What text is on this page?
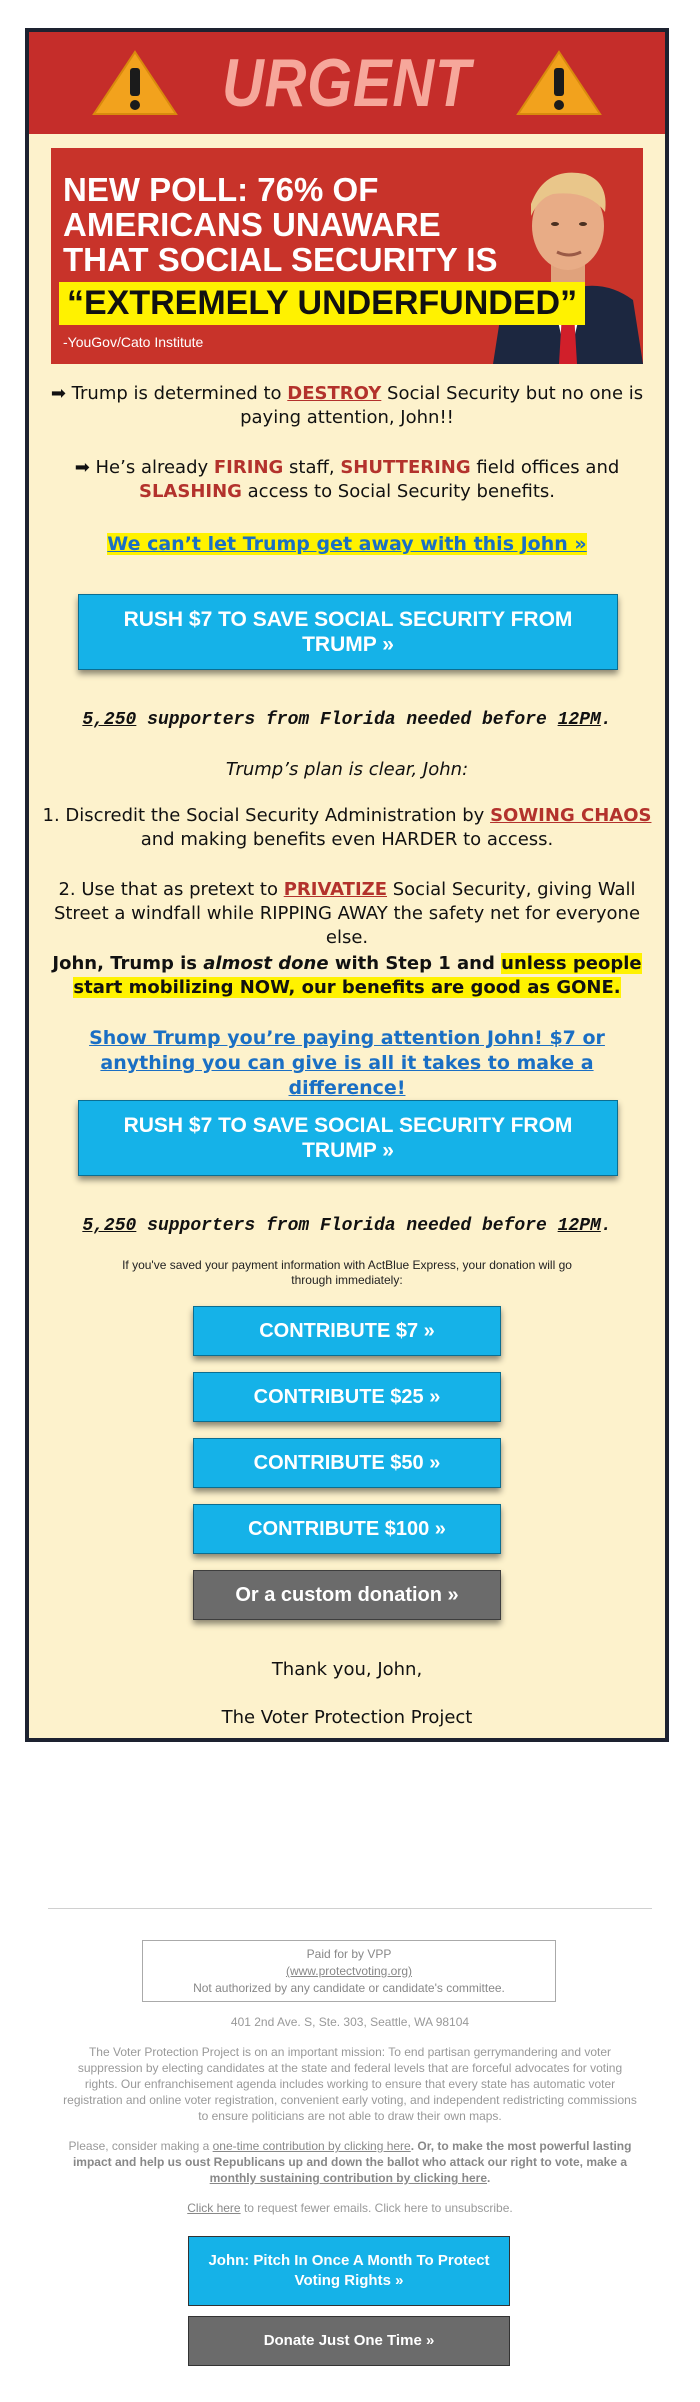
URGENT
NEW POLL: 76% OF AMERICANS UNAWARE THAT SOCIAL SECURITY IS
“EXTREMELY UNDERFUNDED”
-YouGov/Cato Institute
➡ Trump is determined to DESTROY Social Security but no one is paying attention, John!!
➡ He’s already FIRING staff, SHUTTERING field offices and SLASHING access to Social Security benefits.
We can’t let Trump get away with this John »
RUSH $7 TO SAVE SOCIAL SECURITY FROM TRUMP »
5,250 supporters from Florida needed before 12PM.
Trump’s plan is clear, John:
1. Discredit the Social Security Administration by SOWING CHAOS and making benefits even HARDER to access.
2. Use that as pretext to PRIVATIZE Social Security, giving Wall Street a windfall while RIPPING AWAY the safety net for everyone else.
John, Trump is almost done with Step 1 and unless people start mobilizing NOW, our benefits are good as GONE.
Show Trump you’re paying attention John! $7 or anything you can give is all it takes to make a difference!
RUSH $7 TO SAVE SOCIAL SECURITY FROM TRUMP »
5,250 supporters from Florida needed before 12PM.
If you've saved your payment information with ActBlue Express, your donation will go through immediately:
CONTRIBUTE $7 »
CONTRIBUTE $25 »
CONTRIBUTE $50 »
CONTRIBUTE $100 »
Or a custom donation »
Thank you, John,
The Voter Protection Project
Paid for by VPP
(www.protectvoting.org)
Not authorized by any candidate or candidate's committee.
401 2nd Ave. S, Ste. 303, Seattle, WA 98104
The Voter Protection Project is on an important mission: To end partisan gerrymandering and voter suppression by electing candidates at the state and federal levels that are forceful advocates for voting rights. Our enfranchisement agenda includes working to ensure that every state has automatic voter registration and online voter registration, convenient early voting, and independent redistricting commissions to ensure politicians are not able to draw their own maps.
Please, consider making a one-time contribution by clicking here. Or, to make the most powerful lasting impact and help us oust Republicans up and down the ballot who attack our right to vote, make a monthly sustaining contribution by clicking here.
Click here to request fewer emails. Click here to unsubscribe.
John: Pitch In Once A Month To Protect Voting Rights »
Donate Just One Time »
